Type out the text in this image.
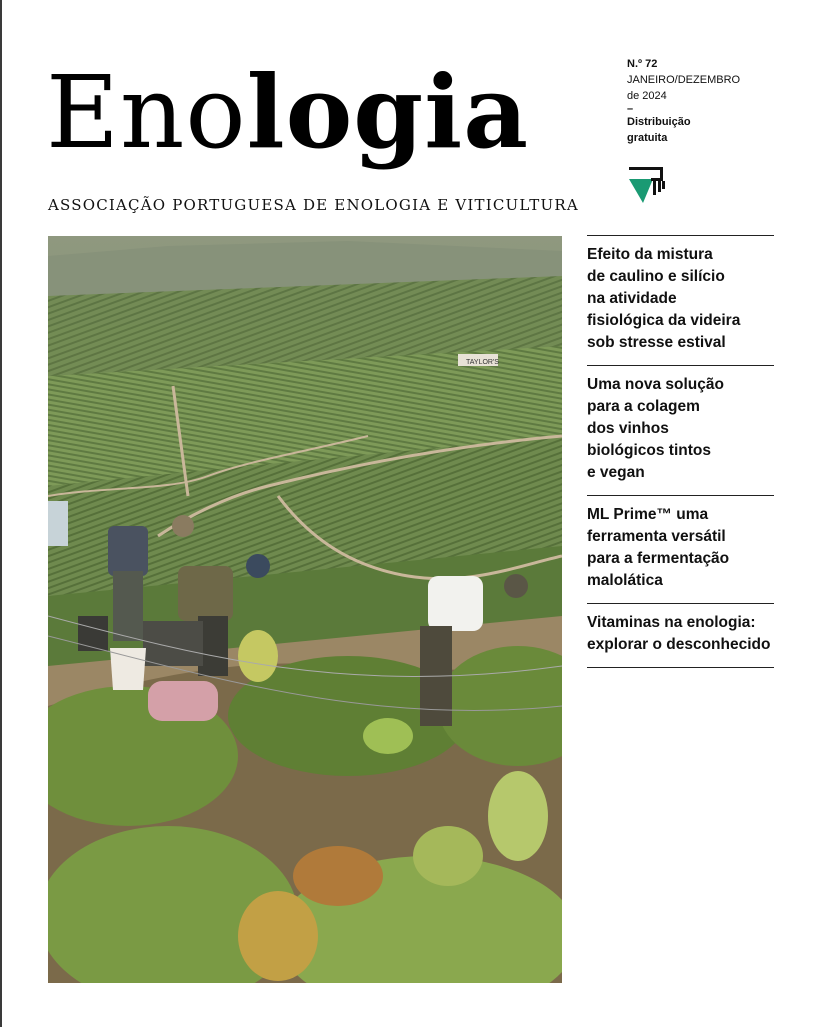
Enologia
ASSOCIAÇÃO PORTUGUESA DE ENOLOGIA E VITICULTURA
N.º 72
JANEIRO/DEZEMBRO
de 2024
–
Distribuição
gratuita
APE
TAYLOR'S
Efeito da mistura
de caulino e silício
na atividade
fisiológica da videira
sob stresse estival
Uma nova solução
para a colagem
dos vinhos
biológicos tintos
e vegan
ML Prime™ uma
ferramenta versátil
para a fermentação
malolática
Vitaminas na enologia:
explorar o desconhecido
